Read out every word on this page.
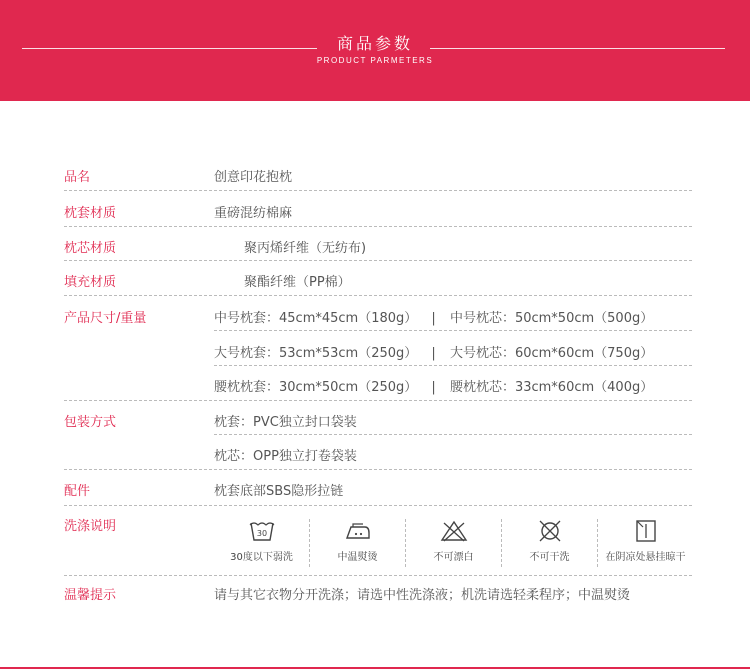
商品参数
PRODUCT PARMETERS
品名	创意印花抱枕
枕套材质	重磅混纺棉麻
枕芯材质	聚丙烯纤维（无纺布)
填充材质	聚酯纤维（PP棉）
产品尺寸/重量	中号枕套：45cm*45cm（180g） | 中号枕芯：50cm*50cm（500g）
大号枕套：53cm*53cm（250g） | 大号枕芯：60cm*60cm（750g）
腰枕枕套：30cm*50cm（250g） | 腰枕枕芯：33cm*60cm（400g）
包装方式	枕套：PVC独立封口袋装
枕芯：OPP独立打卷袋装
配件	枕套底部SBS隐形拉链
洗涤说明	30
30度以下弱洗	中温熨烫	不可漂白	不可干洗	在阴凉处悬挂晾干
温馨提示	请与其它衣物分开洗涤；请选中性洗涤液；机洗请选轻柔程序；中温熨烫
